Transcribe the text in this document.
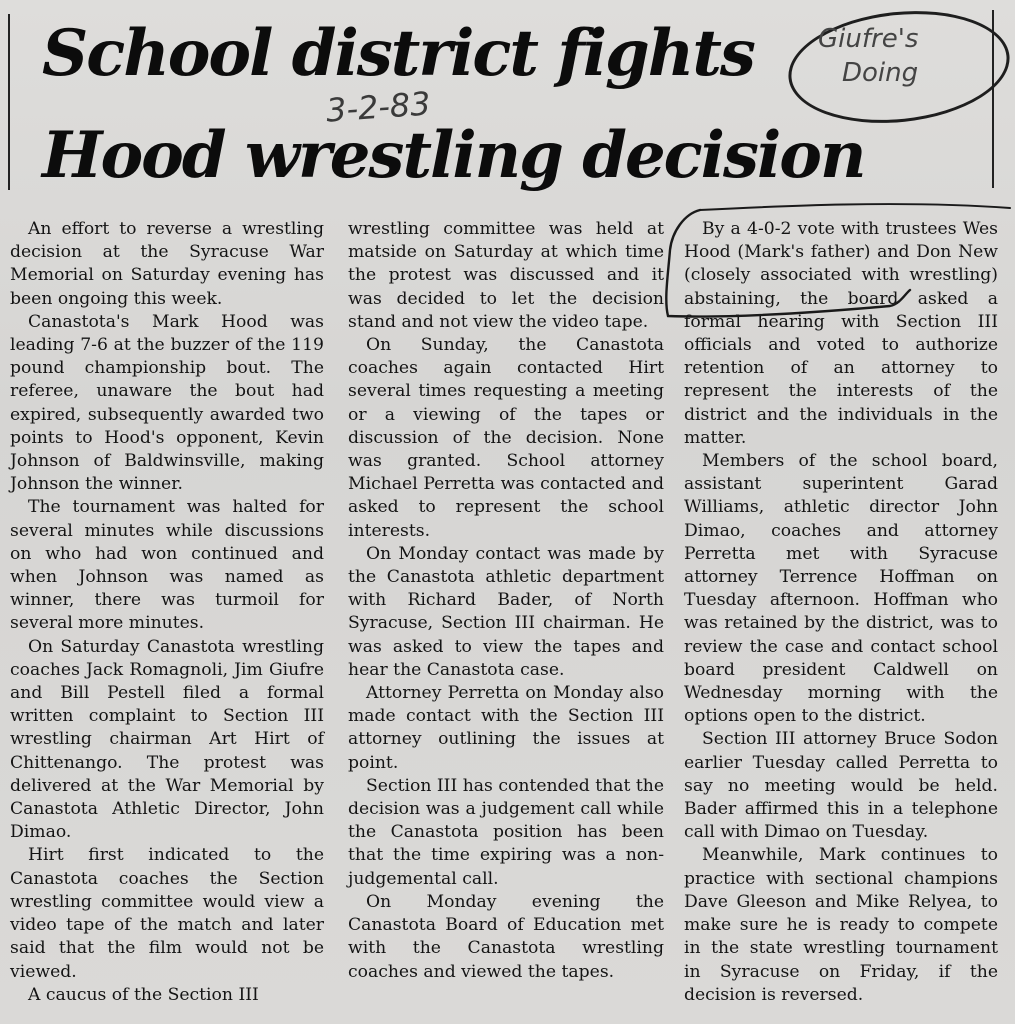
School district fights
Hood wrestling decision
3-2-83
Giufre's
Doing

An effort to reverse a wrestling decision at the Syracuse War Memorial on Saturday evening has been ongoing this week.

Canastota's Mark Hood was leading 7-6 at the buzzer of the 119 pound championship bout. The referee, unaware the bout had expired, subsequently awarded two points to Hood's opponent, Kevin Johnson of Baldwinsville, making Johnson the winner.

The tournament was halted for several minutes while discussions on who had won continued and when Johnson was named as winner, there was turmoil for several more minutes.

On Saturday Canastota wrestling coaches Jack Romagnoli, Jim Giufre and Bill Pestell filed a formal written complaint to Section III wrestling chairman Art Hirt of Chittenango. The protest was delivered at the War Memorial by Canastota Athletic Director, John Dimao.

Hirt first indicated to the Canastota coaches the Section wrestling committee would view a video tape of the match and later said that the film would not be viewed.

A caucus of the Section III

wrestling committee was held at matside on Saturday at which time the protest was discussed and it was decided to let the decision stand and not view the video tape.

On Sunday, the Canastota coaches again contacted Hirt several times requesting a meeting or a viewing of the tapes or discussion of the decision. None was granted. School attorney Michael Perretta was contacted and asked to represent the school interests.

On Monday contact was made by the Canastota athletic department with Richard Bader, of North Syracuse, Section III chairman. He was asked to view the tapes and hear the Canastota case.

Attorney Perretta on Monday also made contact with the Section III attorney outlining the issues at point.

Section III has contended that the decision was a judgement call while the Canastota position has been that the time expiring was a non-judgemental call.

On Monday evening the Canastota Board of Education met with the Canastota wrestling coaches and viewed the tapes.

By a 4-0-2 vote with trustees Wes Hood (Mark's father) and Don New (closely associated with wrestling) abstaining, the board asked a formal hearing with Section III officials and voted to authorize retention of an attorney to represent the interests of the district and the individuals in the matter.

Members of the school board, assistant superintent Garad Williams, athletic director John Dimao, coaches and attorney Perretta met with Syracuse attorney Terrence Hoffman on Tuesday afternoon. Hoffman who was retained by the district, was to review the case and contact school board president Caldwell on Wednesday morning with the options open to the district.

Section III attorney Bruce Sodon earlier Tuesday called Perretta to say no meeting would be held. Bader affirmed this in a telephone call with Dimao on Tuesday.

Meanwhile, Mark continues to practice with sectional champions Dave Gleeson and Mike Relyea, to make sure he is ready to compete in the state wrestling tournament in Syracuse on Friday, if the decision is reversed.
